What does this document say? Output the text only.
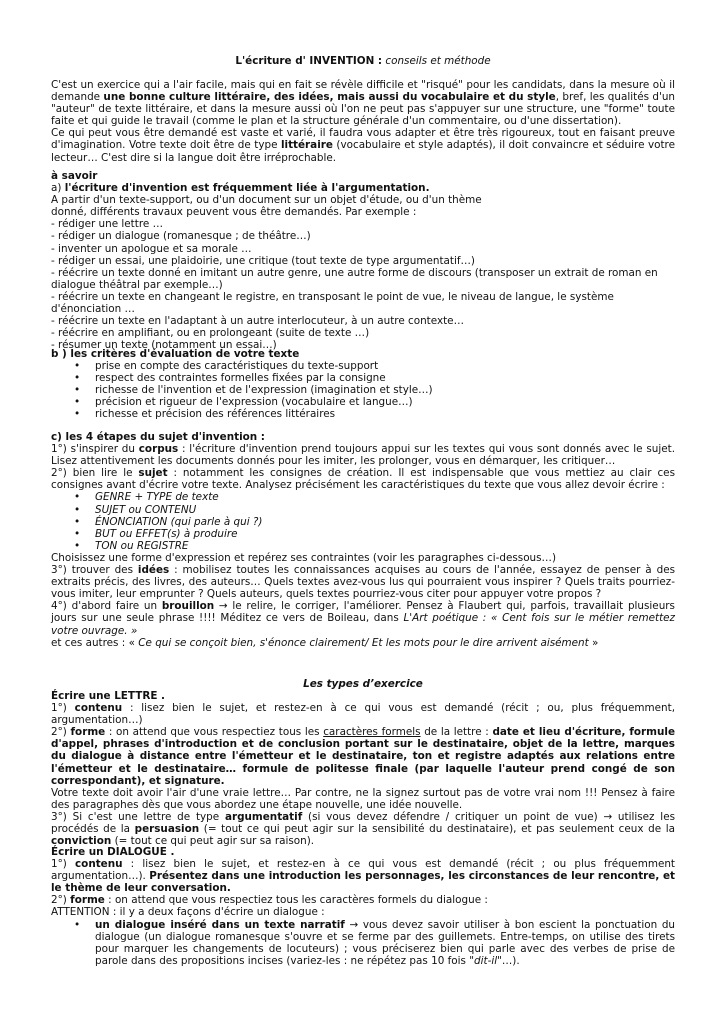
L'écriture d' INVENTION : conseils et méthode

C'est un exercice qui a l'air facile, mais qui en fait se révèle difficile et "risqué" pour les candidats, dans la mesure où il demande une bonne culture littéraire, des idées, mais aussi du vocabulaire et du style, bref, les qualités d'un "auteur" de texte littéraire, et dans la mesure aussi où l'on ne peut pas s'appuyer sur une structure, une "forme" toute faite et qui guide le travail (comme le plan et la structure générale d'un commentaire, ou d'une dissertation).

Ce qui peut vous être demandé est vaste et varié, il faudra vous adapter et être très rigoureux, tout en faisant preuve d'imagination. Votre texte doit être de type littéraire (vocabulaire et style adaptés), il doit convaincre et séduire votre lecteur… C'est dire si la langue doit être irréprochable.

à savoir

a) l'écriture d'invention est fréquemment liée à l'argumentation.

A partir d'un texte-support, ou d'un document sur un objet d'étude, ou d'un thème

donné, différents travaux peuvent vous être demandés. Par exemple :

- rédiger une lettre …

- rédiger un dialogue (romanesque ; de théâtre…)

- inventer un apologue et sa morale …

- rédiger un essai, une plaidoirie, une critique (tout texte de type argumentatif…)

- réécrire un texte donné en imitant un autre genre, une autre forme de discours (transposer un extrait de roman en dialogue théâtral par exemple…)

- réécrire un texte en changeant le registre, en transposant le point de vue, le niveau de langue, le système d'énonciation …

- réécrire un texte en l'adaptant à un autre interlocuteur, à un autre contexte…

- réécrire en amplifiant, ou en prolongeant (suite de texte …)

- résumer un texte (notamment un essai…)

b ) les critères d'évaluation de votre texte

• prise en compte des caractéristiques du texte-support
• respect des contraintes formelles fixées par la consigne
• richesse de l'invention et de l'expression (imagination et style…)
• précision et rigueur de l'expression (vocabulaire et langue…)
• richesse et précision des références littéraires

c) les 4 étapes du sujet d'invention :

1°) s'inspirer du corpus : l'écriture d'invention prend toujours appui sur les textes qui vous sont donnés avec le sujet. Lisez attentivement les documents donnés pour les imiter, les prolonger, vous en démarquer, les critiquer…

2°) bien lire le sujet : notamment les consignes de création. Il est indispensable que vous mettiez au clair ces consignes avant d'écrire votre texte. Analysez précisément les caractéristiques du texte que vous allez devoir écrire :

• GENRE + TYPE de texte
• SUJET ou CONTENU
• ÉNONCIATION (qui parle à qui ?)
• BUT ou EFFET(s) à produire
• TON ou REGISTRE

Choisissez une forme d'expression et repérez ses contraintes (voir les paragraphes ci-dessous…)

3°) trouver des idées : mobilisez toutes les connaissances acquises au cours de l'année, essayez de penser à des extraits précis, des livres, des auteurs… Quels textes avez-vous lus qui pourraient vous inspirer ? Quels traits pourriez-vous imiter, leur emprunter ? Quels auteurs, quels textes pourriez-vous citer pour appuyer votre propos ?

4°) d'abord faire un brouillon → le relire, le corriger, l'améliorer. Pensez à Flaubert qui, parfois, travaillait plusieurs jours sur une seule phrase !!!! Méditez ce vers de Boileau, dans L'Art poétique : « Cent fois sur le métier remettez votre ouvrage. »

et ces autres : « Ce qui se conçoit bien, s'énonce clairement/ Et les mots pour le dire arrivent aisément »

Les types d’exercice

Écrire une LETTRE .

1°) contenu : lisez bien le sujet, et restez-en à ce qui vous est demandé (récit ; ou, plus fréquemment, argumentation…)

2°) forme : on attend que vous respectiez tous les caractères formels de la lettre : date et lieu d'écriture, formule d'appel, phrases d'introduction et de conclusion portant sur le destinataire, objet de la lettre, marques du dialogue à distance entre l'émetteur et le destinataire, ton et registre adaptés aux relations entre l'émetteur et le destinataire… formule de politesse finale (par laquelle l'auteur prend congé de son correspondant), et signature.

Votre texte doit avoir l'air d'une vraie lettre… Par contre, ne la signez surtout pas de votre vrai nom !!! Pensez à faire des paragraphes dès que vous abordez une étape nouvelle, une idée nouvelle.

3°) Si c'est une lettre de type argumentatif (si vous devez défendre / critiquer un point de vue) → utilisez les procédés de la persuasion (= tout ce qui peut agir sur la sensibilité du destinataire), et pas seulement ceux de la conviction (= tout ce qui peut agir sur sa raison).

Écrire un DIALOGUE .

1°) contenu : lisez bien le sujet, et restez-en à ce qui vous est demandé (récit ; ou plus fréquemment argumentation…). Présentez dans une introduction les personnages, les circonstances de leur rencontre, et le thème de leur conversation.

2°) forme : on attend que vous respectiez tous les caractères formels du dialogue :

ATTENTION : il y a deux façons d'écrire un dialogue :

• un dialogue inséré dans un texte narratif → vous devez savoir utiliser à bon escient la ponctuation du dialogue (un dialogue romanesque s'ouvre et se ferme par des guillemets. Entre-temps, on utilise des tirets pour marquer les changements de locuteurs) ; vous préciserez bien qui parle avec des verbes de prise de parole dans des propositions incises (variez-les : ne répétez pas 10 fois "dit-il"…).
